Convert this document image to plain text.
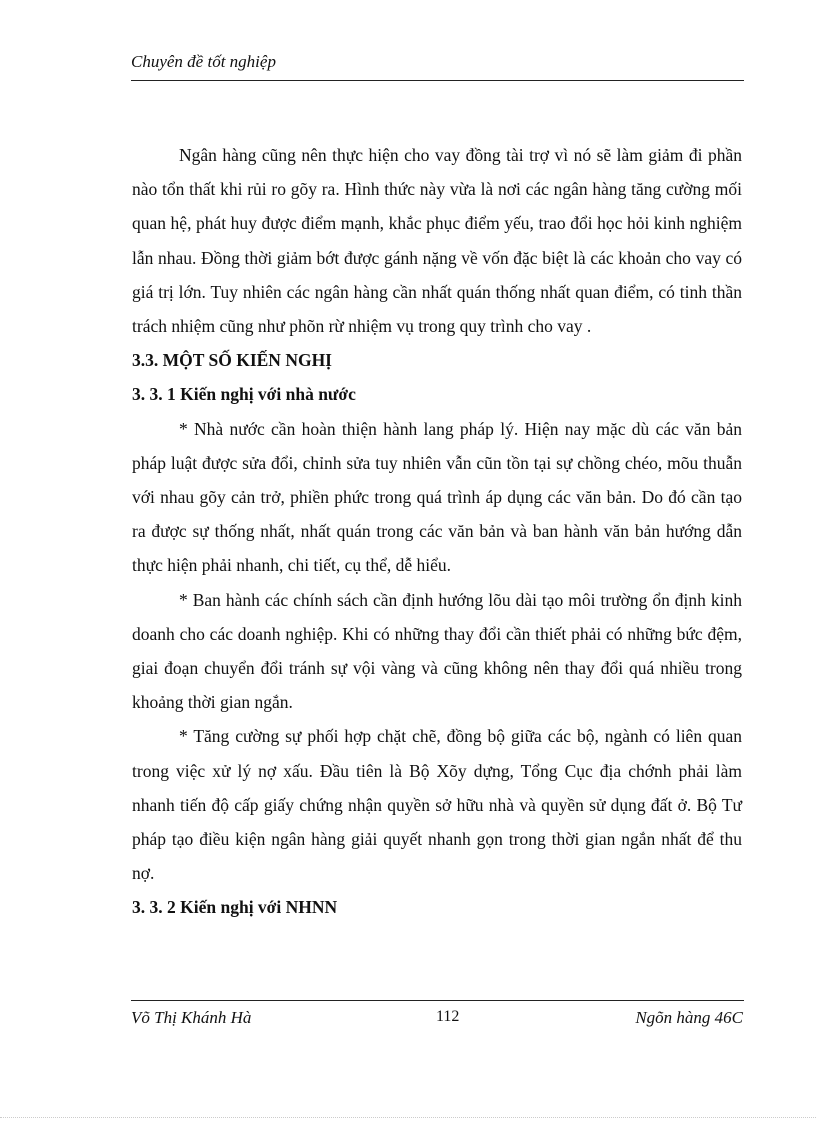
Chuyên đề tốt nghiệp

Ngân hàng cũng nên thực hiện cho vay đồng tài trợ vì nó sẽ làm giảm đi phần nào tổn thất khi rủi ro gõy ra. Hình thức này vừa là nơi các ngân hàng tăng cường mối quan hệ, phát huy được điểm mạnh, khắc phục điểm yếu, trao đổi học hỏi kinh nghiệm lẫn nhau. Đồng thời giảm bớt được gánh nặng về vốn đặc biệt là các khoản cho vay có giá trị lớn. Tuy nhiên các ngân hàng cần nhất quán thống nhất quan điểm, có tinh thần trách nhiệm cũng như phõn rừ nhiệm vụ trong quy trình cho vay .

3.3. MỘT SỐ KIẾN NGHỊ
3. 3. 1 Kiến nghị với nhà nước

* Nhà nước cần hoàn thiện hành lang pháp lý. Hiện nay mặc dù các văn bản pháp luật được sửa đổi, chỉnh sửa tuy nhiên vẫn cũn tồn tại sự chồng chéo, mõu thuẫn với nhau gõy cản trở, phiền phức trong quá trình áp dụng các văn bản. Do đó cần tạo ra được sự thống nhất, nhất quán trong các văn bản và ban hành văn bản hướng dẫn thực hiện phải nhanh, chi tiết, cụ thể, dễ hiểu.

* Ban hành các chính sách cần định hướng lõu dài tạo môi trường ổn định kinh doanh cho các doanh nghiệp. Khi có những thay đổi cần thiết phải có những bức đệm, giai đoạn chuyển đổi tránh sự vội vàng và cũng không nên thay đổi quá nhiều trong khoảng thời gian ngắn.

* Tăng cường sự phối hợp chặt chẽ, đồng bộ giữa các bộ, ngành có liên quan trong việc xử lý nợ xấu. Đầu tiên là Bộ Xõy dựng, Tổng Cục địa chớnh phải làm nhanh tiến độ cấp giấy chứng nhận quyền sở hữu nhà và quyền sử dụng đất ở. Bộ Tư pháp tạo điều kiện ngân hàng giải quyết nhanh gọn trong thời gian ngắn nhất để thu nợ.

3. 3. 2 Kiến nghị với NHNN
Võ Thị Khánh Hà	112	Ngõn hàng 46C
